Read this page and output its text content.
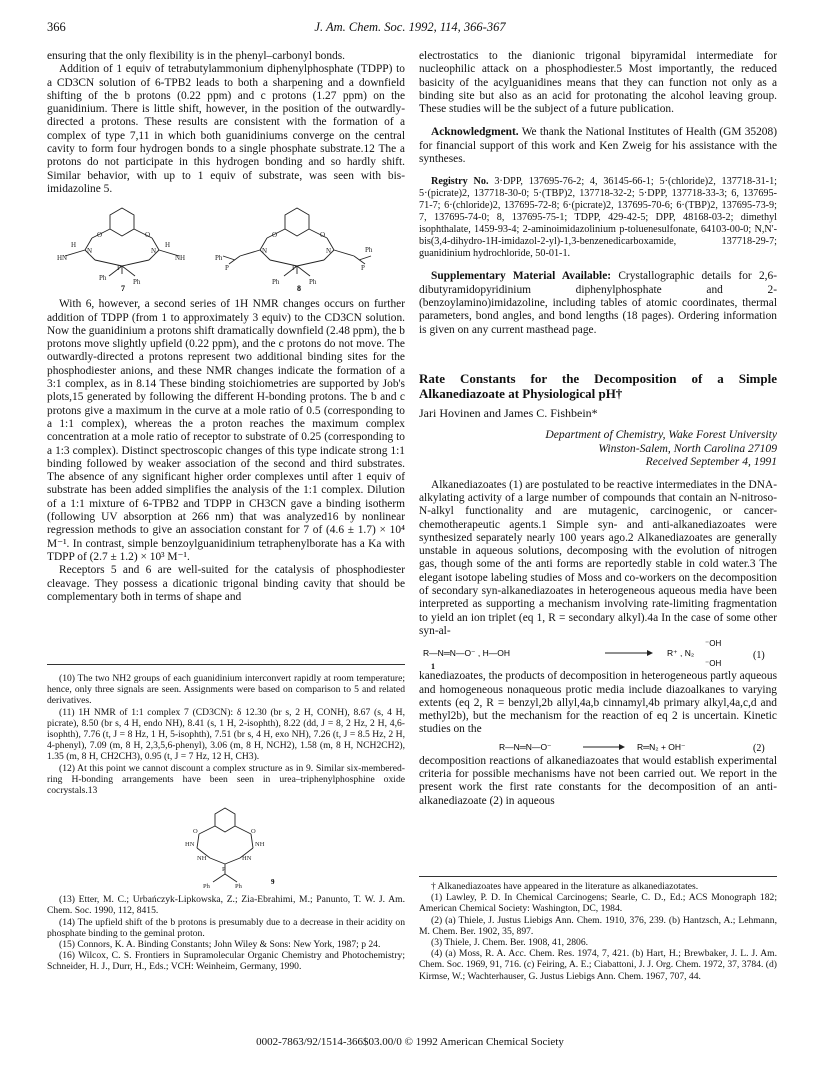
366	J. Am. Chem. Soc. 1992, 114, 366-367

ensuring that the only flexibility is in the phenyl–carbonyl bonds.

Addition of 1 equiv of tetrabutylammonium diphenylphosphate (TDPP) to a CD3CN solution of 6-TPB2 leads to both a sharpening and a downfield shifting of the b protons (0.22 ppm) and c protons (1.27 ppm) on the guanidinium. There is little shift, however, in the position of the outwardly-directed a protons. These results are consistent with the formation of a complex of type 7,11 in which both guanidiniums converge on the central cavity to form four hydrogen bonds to a single phosphate substrate.12 The a protons do not participate in this hydrogen bonding and so hardly shift. Similar behavior, with up to 1 equiv of substrate, was seen with bis-imidazoline 5.

O	O
H	H
N	N
P
HN	NH
Ph	Ph
O	O
N	N
P
Ph
Ph
P	P
Ph	Ph
7	8

With 6, however, a second series of 1H NMR changes occurs on further addition of TDPP (from 1 to approximately 3 equiv) to the CD3CN solution. Now the guanidinium a protons shift dramatically downfield (2.48 ppm), the b protons move slightly upfield (0.22 ppm), and the c protons do not move. The outwardly-directed a protons represent two additional binding sites for the phosphodiester anions, and these NMR changes indicate the formation of a 3:1 complex, as in 8.14 These binding stoichiometries are supported by Job's plots,15 generated by following the different H-bonding protons. The b and c protons give a maximum in the curve at a mole ratio of 0.5 (corresponding to a 1:1 complex), whereas the a proton reaches the maximum complex concentration at a mole ratio of receptor to substrate of 0.25 (corresponding to a 1:3 complex). Distinct spectroscopic changes of this type indicate strong 1:1 binding followed by weaker association of the second and third substrates. The absence of any significant higher order complexes until after 1 equiv of substrate has been added simplifies the analysis of the 1:1 complex. Dilution of a 1:1 mixture of 6-TPB2 and TDPP in CH3CN gave a binding isotherm (following UV absorption at 266 nm) that was analyzed16 by nonlinear regression methods to give an association constant for 7 of (4.6 ± 1.7) × 10⁴ M⁻¹. In contrast, simple benzoylguanidinium tetraphenylborate has a Ka with TDPP of (2.7 ± 1.2) × 10³ M⁻¹.

Receptors 5 and 6 are well-suited for the catalysis of phosphodiester cleavage. They possess a dicationic trigonal binding cavity that should be complementary both in terms of shape and

(10) The two NH2 groups of each guanidinium interconvert rapidly at room temperature; hence, only three signals are seen. Assignments were based on comparison to 5 and related derivatives.

(11) 1H NMR of 1:1 complex 7 (CD3CN): δ 12.30 (br s, 2 H, CONH), 8.67 (s, 4 H, picrate), 8.50 (br s, 4 H, endo NH), 8.41 (s, 1 H, 2-isophth), 8.22 (dd, J = 8, 2 Hz, 2 H, 4,6-isophth), 7.76 (t, J = 8 Hz, 1 H, 5-isophth), 7.51 (br s, 4 H, exo NH), 7.26 (t, J = 8.5 Hz, 2 H, 4-phenyl), 7.09 (m, 8 H, 2,3,5,6-phenyl), 3.06 (m, 8 H, NCH2), 1.58 (m, 8 H, NCH2CH2), 1.35 (m, 8 H, CH2CH3), 0.95 (t, J = 7 Hz, 12 H, CH3).

(12) At this point we cannot discount a complex structure as in 9. Similar six-membered-ring H-bonding arrangements have been seen in urea–triphenylphosphine oxide cocrystals.13

O	O
HN	NH
NH	HN
P
Ph	Ph
9

(13) Etter, M. C.; Urbańczyk-Lipkowska, Z.; Zia-Ebrahimi, M.; Panunto, T. W. J. Am. Chem. Soc. 1990, 112, 8415.

(14) The upfield shift of the b protons is presumably due to a decrease in their acidity on phosphate binding to the geminal proton.

(15) Connors, K. A. Binding Constants; John Wiley & Sons: New York, 1987; p 24.

(16) Wilcox, C. S. Frontiers in Supramolecular Organic Chemistry and Photochemistry; Schneider, H. J., Durr, H., Eds.; VCH: Weinheim, Germany, 1990.

electrostatics to the dianionic trigonal bipyramidal intermediate for nucleophilic attack on a phosphodiester.5 Most importantly, the reduced basicity of the acylguanidines means that they can function not only as a binding site but also as an acid for protonating the alcohol leaving group. These studies will be the subject of a future publication.

Acknowledgment. We thank the National Institutes of Health (GM 35208) for financial support of this work and Ken Zweig for his assistance with the syntheses.

Registry No. 3·DPP, 137695-76-2; 4, 36145-66-1; 5·(chloride)2, 137718-31-1; 5·(picrate)2, 137718-30-0; 5·(TBP)2, 137718-32-2; 5·DPP, 137718-33-3; 6, 137695-71-7; 6·(chloride)2, 137695-72-8; 6·(picrate)2, 137695-70-6; 6·(TBP)2, 137695-73-9; 7, 137695-74-0; 8, 137695-75-1; TDPP, 429-42-5; DPP, 48168-03-2; dimethyl isophthalate, 1459-93-4; 2-aminoimidazolinium p-toluenesulfonate, 64103-00-0; N,N'-bis(3,4-dihydro-1H-imidazol-2-yl)-1,3-benzenedicarboxamide, 137718-29-7; guanidinium hydrochloride, 50-01-1.

Supplementary Material Available: Crystallographic details for 2,6-dibutyramidopyridinium diphenylphosphate and 2-(benzoylamino)imidazoline, including tables of atomic coordinates, thermal parameters, bond angles, and bond lengths (18 pages). Ordering information is given on any current masthead page.

Rate Constants for the Decomposition of a Simple Alkanediazoate at Physiological pH†

Jari Hovinen and James C. Fishbein*

Department of Chemistry, Wake Forest University
Winston-Salem, North Carolina 27109
Received September 4, 1991

Alkanediazoates (1) are postulated to be reactive intermediates in the DNA-alkylating activity of a large number of compounds that contain an N-nitroso-N-alkyl functionality and are mutagenic, carcinogenic, or cancer-chemotherapeutic agents.1 Simple syn- and anti-alkanediazoates were synthesized separately nearly 100 years ago.2 Alkanediazoates are generally unstable in aqueous solutions, decomposing with the evolution of nitrogen gas, though some of the anti forms are reportedly stable in cold water.3 The elegant isotope labeling studies of Moss and co-workers on the decomposition of secondary syn-alkanediazoates in heterogeneous aqueous media have been interpreted as supporting a mechanism involving rate-limiting fragmentation to yield an ion triplet (eq 1, R = secondary alkyl).4a In the case of some other syn-al-

R—N═N—O⁻ , H—OH	R⁺ , N₂
⁻OH
⁻OH
(1)
1

kanediazoates, the products of decomposition in heterogeneous partly aqueous and homogeneous nonaqueous protic media include diazoalkanes to varying extents (eq 2, R = benzyl,2b allyl,4a,b cinnamyl,4b primary alkyl,4a,c,d and methyl2b), but the mechanism for the reaction of eq 2 is uncertain. Kinetic studies on the

R—N═N—O⁻	R═N₂ + OH⁻	(2)

decomposition reactions of alkanediazoates that would establish experimental criteria for possible mechanisms have not been carried out. We report in the present work the first rate constants for the decomposition of an anti-alkanediazoate (2) in aqueous

† Alkanediazoates have appeared in the literature as alkanediazotates.

(1) Lawley, P. D. In Chemical Carcinogens; Searle, C. D., Ed.; ACS Monograph 182; American Chemical Society: Washington, DC, 1984.

(2) (a) Thiele, J. Justus Liebigs Ann. Chem. 1910, 376, 239. (b) Hantzsch, A.; Lehmann, M. Chem. Ber. 1902, 35, 897.

(3) Thiele, J. Chem. Ber. 1908, 41, 2806.

(4) (a) Moss, R. A. Acc. Chem. Res. 1974, 7, 421. (b) Hart, H.; Brewbaker, J. L. J. Am. Chem. Soc. 1969, 91, 716. (c) Feiring, A. E.; Ciabattoni, J. J. Org. Chem. 1972, 37, 3784. (d) Kirmse, W.; Wachterhauser, G. Justus Liebigs Ann. Chem. 1967, 707, 44.

0002-7863/92/1514-366$03.00/0 © 1992 American Chemical Society
